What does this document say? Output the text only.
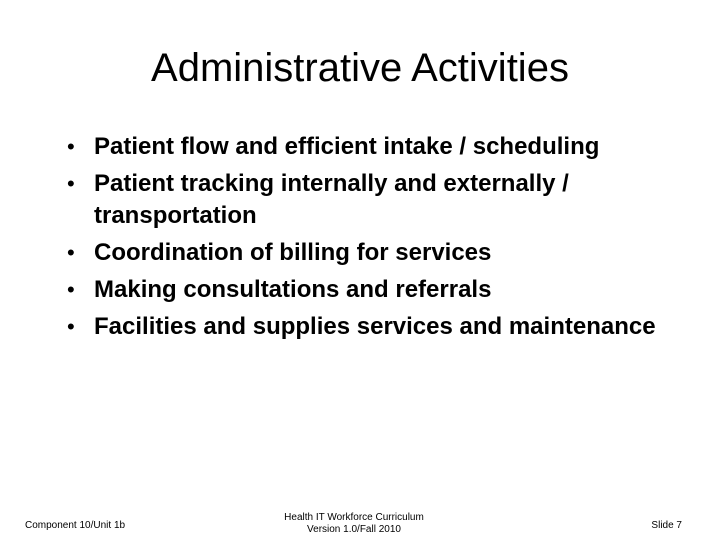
Administrative Activities
• Patient flow and efficient intake / scheduling
• Patient tracking internally and externally / transportation
• Coordination of billing for services
• Making consultations and referrals
• Facilities and supplies services and maintenance
Component 10/Unit 1b
Health IT Workforce Curriculum
Version 1.0/Fall 2010	Slide 7
